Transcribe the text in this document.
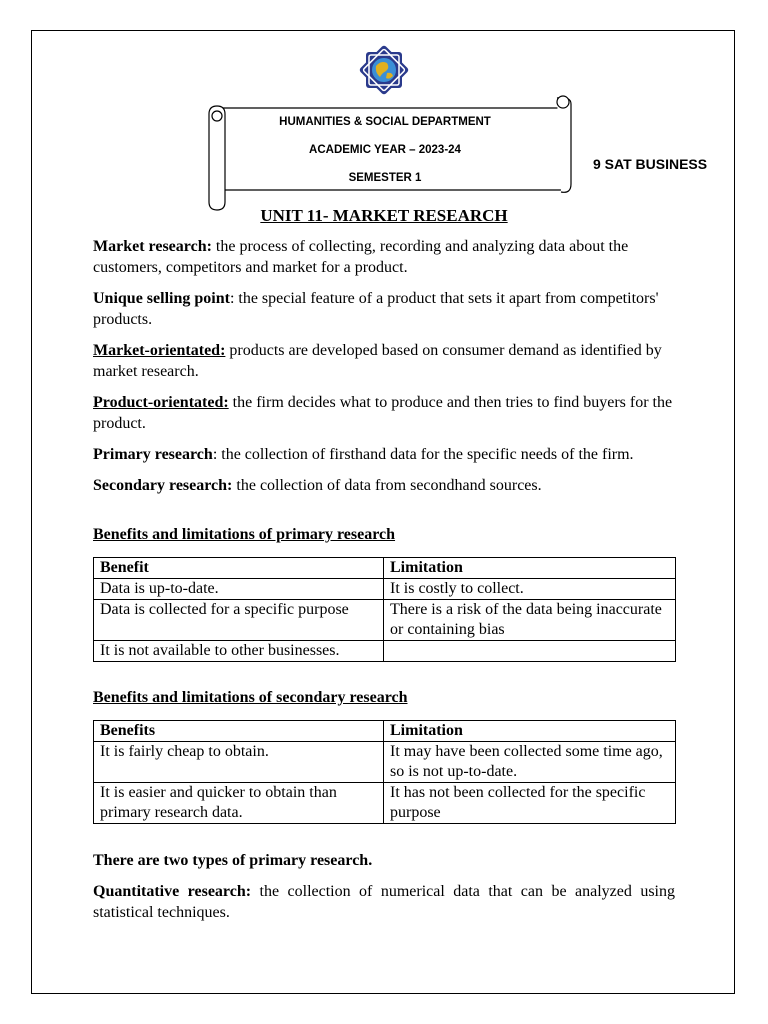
HUMANITIES & SOCIAL DEPARTMENT
ACADEMIC YEAR – 2023-24
SEMESTER 1
9 SAT BUSINESS
UNIT 11- MARKET RESEARCH

Market research: the process of collecting, recording and analyzing data about the customers, competitors and market for a product.

Unique selling point: the special feature of a product that sets it apart from competitors' products.

Market-orientated: products are developed based on consumer demand as identified by market research.

Product-orientated: the firm decides what to produce and then tries to find buyers for the product.

Primary research: the collection of firsthand data for the specific needs of the firm.

Secondary research: the collection of data from secondhand sources.

Benefits and limitations of primary research
Benefit	Limitation
Data is up-to-date.	It is costly to collect.
Data is collected for a specific purpose	There is a risk of the data being inaccurate or containing bias
It is not available to other businesses.	
Benefits and limitations of secondary research
Benefits	Limitation
It is fairly cheap to obtain.	It may have been collected some time ago, so is not up-to-date.
It is easier and quicker to obtain than primary research data.	It has not been collected for the specific purpose

There are two types of primary research.

Quantitative research: the collection of numerical data that can be analyzed using statistical techniques.
